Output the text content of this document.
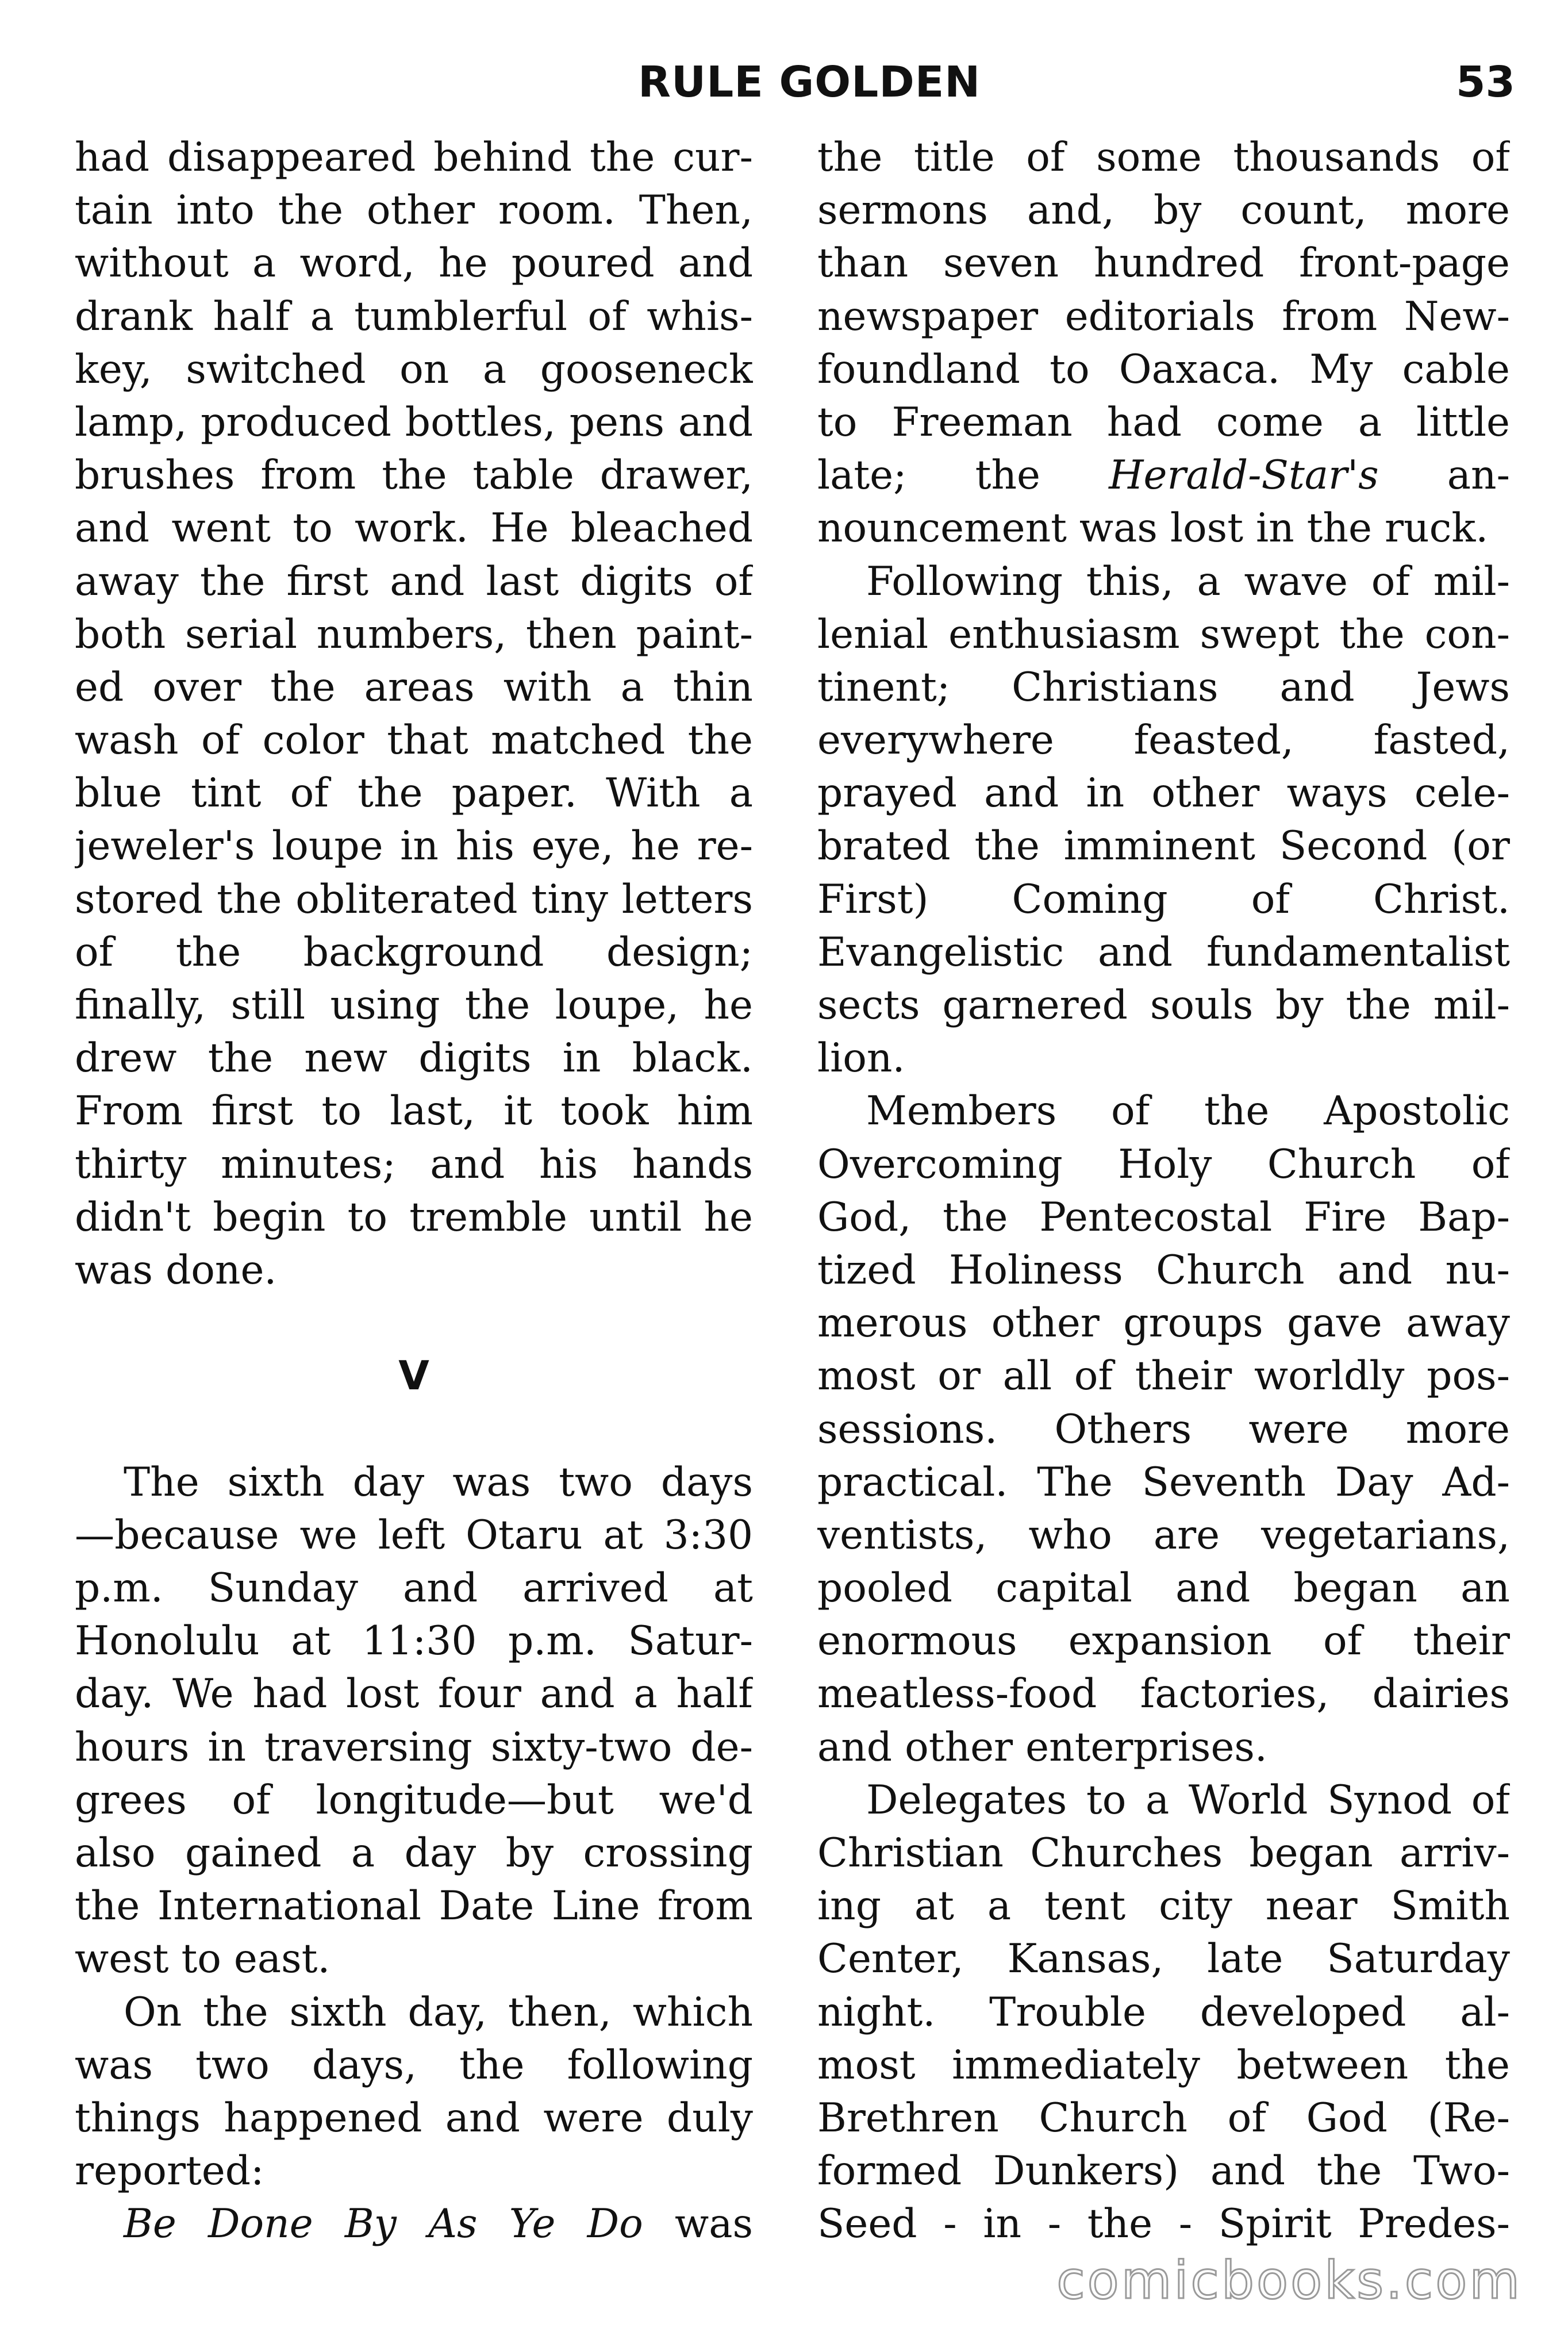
RULE GOLDEN	53
had disappeared behind the cur-
tain into the other room. Then,
without a word, he poured and
drank half a tumblerful of whis-
key, switched on a gooseneck
lamp, produced bottles, pens and
brushes from the table drawer,
and went to work. He bleached
away the first and last digits of
both serial numbers, then paint-
ed over the areas with a thin
wash of color that matched the
blue tint of the paper. With a
jeweler's loupe in his eye, he re-
stored the obliterated tiny letters
of the background design;
finally, still using the loupe, he
drew the new digits in black.
From first to last, it took him
thirty minutes; and his hands
didn't begin to tremble until he
was done.
V
The sixth day was two days
—because we left Otaru at 3:30
p.m. Sunday and arrived at
Honolulu at 11:30 p.m. Satur-
day. We had lost four and a half
hours in traversing sixty-two de-
grees of longitude—but we'd
also gained a day by crossing
the International Date Line from
west to east.
On the sixth day, then, which
was two days, the following
things happened and were duly
reported:
Be Done By As Ye Do was
the title of some thousands of
sermons and, by count, more
than seven hundred front-page
newspaper editorials from New-
foundland to Oaxaca. My cable
to Freeman had come a little
late; the Herald-Star's an-
nouncement was lost in the ruck.
Following this, a wave of mil-
lenial enthusiasm swept the con-
tinent; Christians and Jews
everywhere feasted, fasted,
prayed and in other ways cele-
brated the imminent Second (or
First) Coming of Christ.
Evangelistic and fundamentalist
sects garnered souls by the mil-
lion.
Members of the Apostolic
Overcoming Holy Church of
God, the Pentecostal Fire Bap-
tized Holiness Church and nu-
merous other groups gave away
most or all of their worldly pos-
sessions. Others were more
practical. The Seventh Day Ad-
ventists, who are vegetarians,
pooled capital and began an
enormous expansion of their
meatless-food factories, dairies
and other enterprises.
Delegates to a World Synod of
Christian Churches began arriv-
ing at a tent city near Smith
Center, Kansas, late Saturday
night. Trouble developed al-
most immediately between the
Brethren Church of God (Re-
formed Dunkers) and the Two-
Seed - in - the - Spirit Predes-
comicbooks.com
